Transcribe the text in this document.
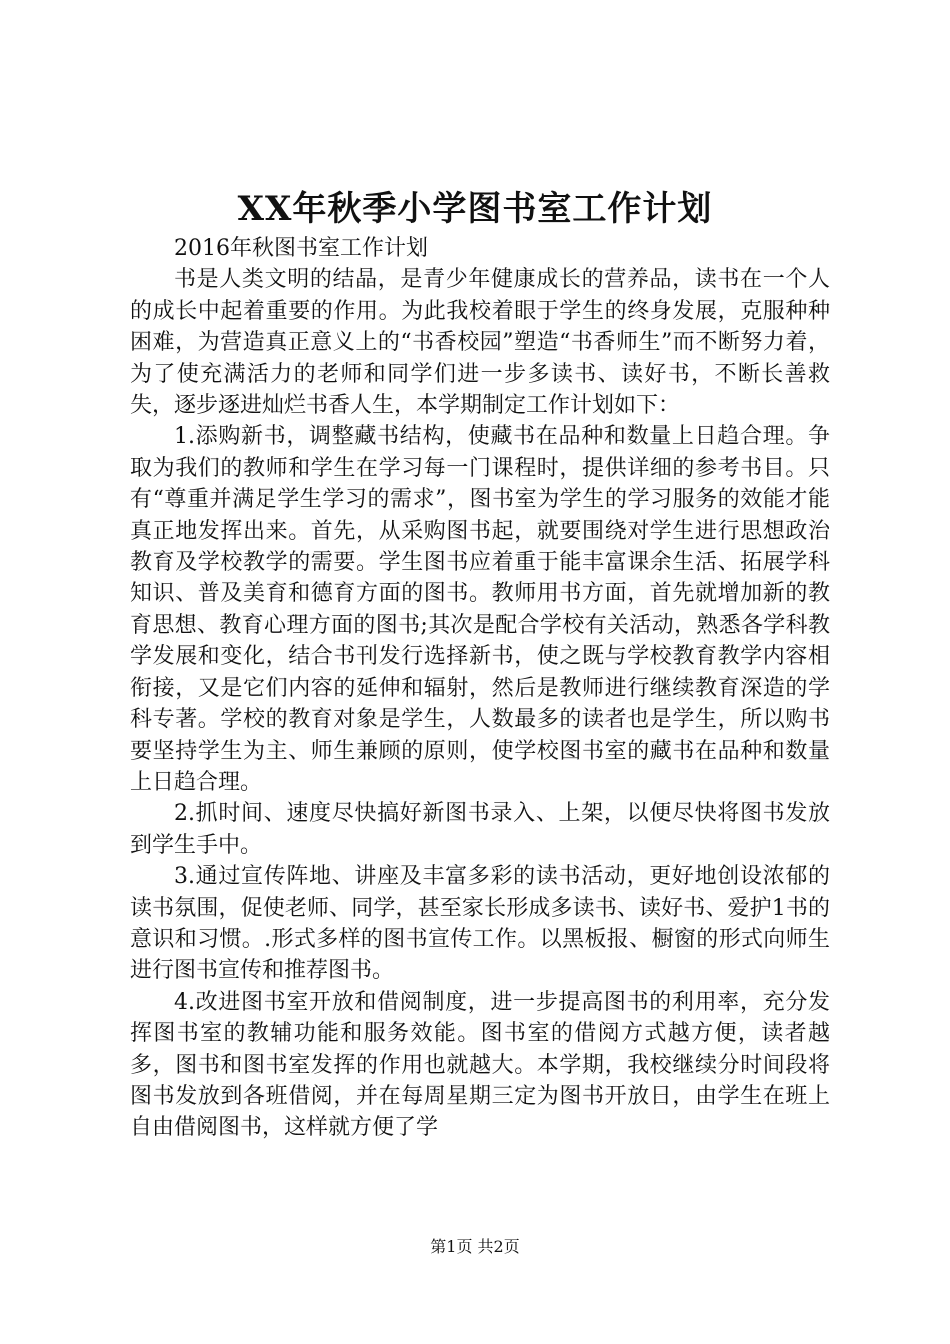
XX年秋季小学图书室工作计划

2016年秋图书室工作计划

书是人类文明的结晶，是青少年健康成长的营养品，读书在一个人的成长中起着重要的作用。为此我校着眼于学生的终身发展，克服种种困难，为营造真正意义上的“书香校园”塑造“书香师生”而不断努力着，为了使充满活力的老师和同学们进一步多读书、读好书，不断长善救失，逐步逐进灿烂书香人生，本学期制定工作计划如下：

1.添购新书，调整藏书结构，使藏书在品种和数量上日趋合理。争取为我们的教师和学生在学习每一门课程时，提供详细的参考书目。只有“尊重并满足学生学习的需求”，图书室为学生的学习服务的效能才能真正地发挥出来。首先，从采购图书起，就要围绕对学生进行思想政治教育及学校教学的需要。学生图书应着重于能丰富课余生活、拓展学科知识、普及美育和德育方面的图书。教师用书方面，首先就增加新的教育思想、教育心理方面的图书;其次是配合学校有关活动，熟悉各学科教学发展和变化，结合书刊发行选择新书，使之既与学校教育教学内容相衔接，又是它们内容的延伸和辐射，然后是教师进行继续教育深造的学科专著。学校的教育对象是学生，人数最多的读者也是学生，所以购书要坚持学生为主、师生兼顾的原则，使学校图书室的藏书在品种和数量上日趋合理。

2.抓时间、速度尽快搞好新图书录入、上架，以便尽快将图书发放到学生手中。

3.通过宣传阵地、讲座及丰富多彩的读书活动，更好地创设浓郁的读书氛围，促使老师、同学，甚至家长形成多读书、读好书、爱护1书的意识和习惯。.形式多样的图书宣传工作。以黑板报、橱窗的形式向师生进行图书宣传和推荐图书。

4.改进图书室开放和借阅制度，进一步提高图书的利用率，充分发挥图书室的教辅功能和服务效能。图书室的借阅方式越方便，读者越多，图书和图书室发挥的作用也就越大。本学期，我校继续分时间段将图书发放到各班借阅，并在每周星期三定为图书开放日，由学生在班上自由借阅图书，这样就方便了学

第1页 共2页
